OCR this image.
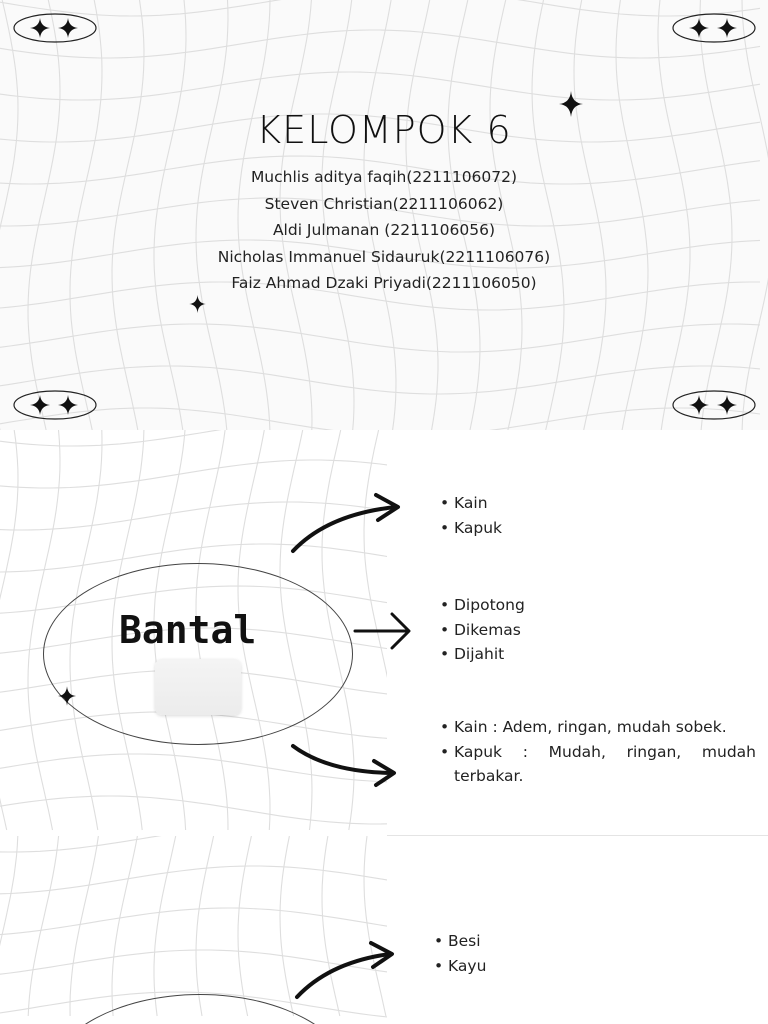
KELOMPOK 6
Muchlis aditya faqih(2211106072)
Steven Christian(2211106062)
Aldi Julmanan (2211106056)
Nicholas Immanuel Sidauruk(2211106076)
Faiz Ahmad Dzaki Priyadi(2211106050)
Bantal
• Kain
• Kapuk
• Dipotong
• Dikemas
• Dijahit
• Kain : Adem, ringan, mudah sobek.
• Kapuk : Mudah, ringan, mudah terbakar.
• Besi
• Kayu
